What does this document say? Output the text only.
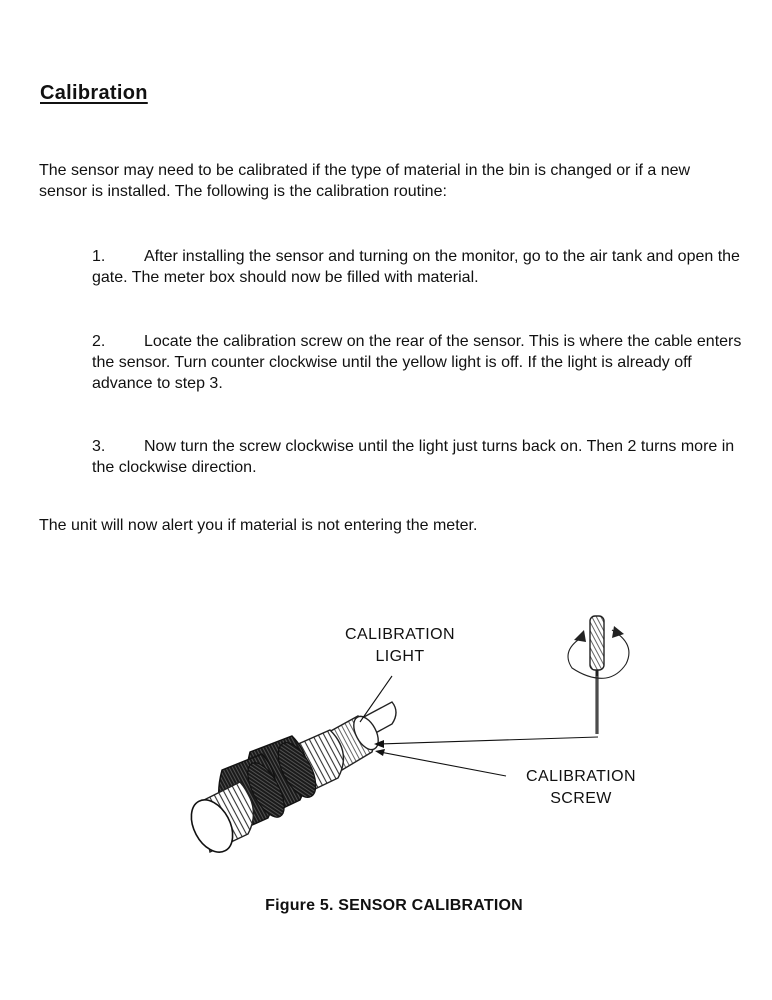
Calibration

The sensor may need to be calibrated if the type of material in the bin is changed or if a new sensor is installed. The following is the calibration routine:

1. After installing the sensor and turning on the monitor, go to the air tank and open the gate. The meter box should now be filled with material.

2. Locate the calibration screw on the rear of the sensor. This is where the cable enters the sensor. Turn counter clockwise until the yellow light is off. If the light is already off advance to step 3.

3. Now turn the screw clockwise until the light just turns back on. Then 2 turns more in the clockwise direction.

The unit will now alert you if material is not entering the meter.

CALIBRATION
LIGHT
CALIBRATION
SCREW
Figure 5. SENSOR CALIBRATION
